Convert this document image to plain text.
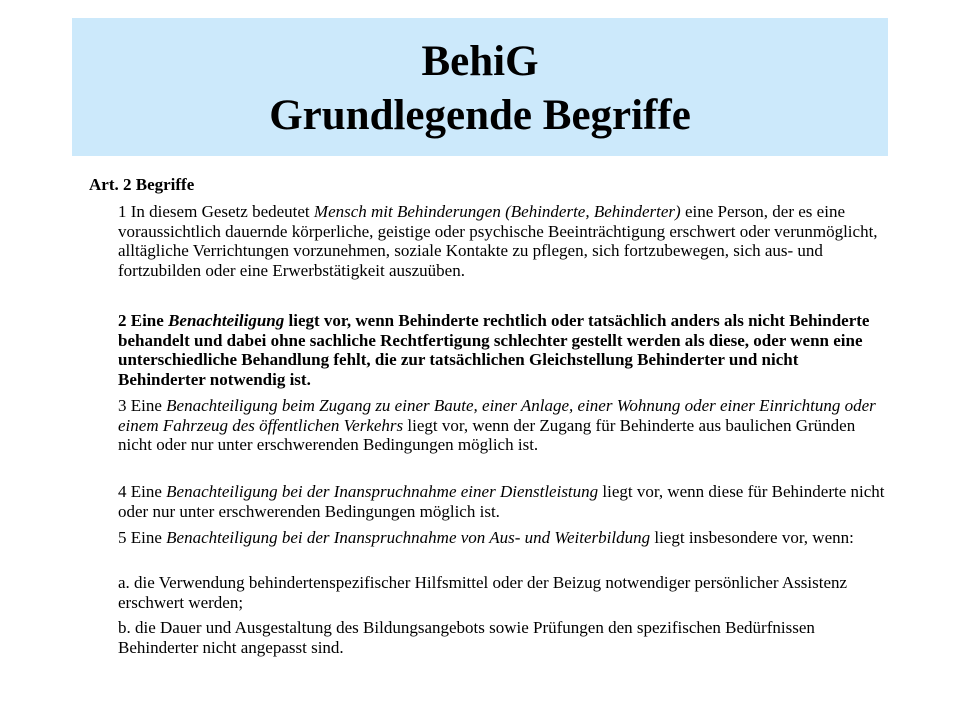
BehiG
Grundlegende Begriffe
Art. 2 Begriffe
1 In diesem Gesetz bedeutet Mensch mit Behinderungen (Behinderte, Behinderter) eine Person, der es eine voraussichtlich dauernde körperliche, geistige oder psychische Beeinträchtigung erschwert oder verunmöglicht, alltägliche Verrichtungen vorzunehmen, soziale Kontakte zu pflegen, sich fortzubewegen, sich aus- und fortzubilden oder eine Erwerbstätigkeit auszuüben.
2 Eine Benachteiligung liegt vor, wenn Behinderte rechtlich oder tatsächlich anders als nicht Behinderte behandelt und dabei ohne sachliche Rechtfertigung schlechter gestellt werden als diese, oder wenn eine unterschiedliche Behandlung fehlt, die zur tatsächlichen Gleichstellung Behinderter und nicht Behinderter notwendig ist.
3 Eine Benachteiligung beim Zugang zu einer Baute, einer Anlage, einer Wohnung oder einer Einrichtung oder einem Fahrzeug des öffentlichen Verkehrs liegt vor, wenn der Zugang für Behinderte aus baulichen Gründen nicht oder nur unter erschwerenden Bedingungen möglich ist.
4 Eine Benachteiligung bei der Inanspruchnahme einer Dienstleistung liegt vor, wenn diese für Behinderte nicht oder nur unter erschwerenden Bedingungen möglich ist.
5 Eine Benachteiligung bei der Inanspruchnahme von Aus- und Weiterbildung liegt insbesondere vor, wenn:
a. die Verwendung behindertenspezifischer Hilfsmittel oder der Beizug notwendiger persönlicher Assistenz erschwert werden;
b. die Dauer und Ausgestaltung des Bildungsangebots sowie Prüfungen den spezifischen Bedürfnissen Behinderter nicht angepasst sind.
